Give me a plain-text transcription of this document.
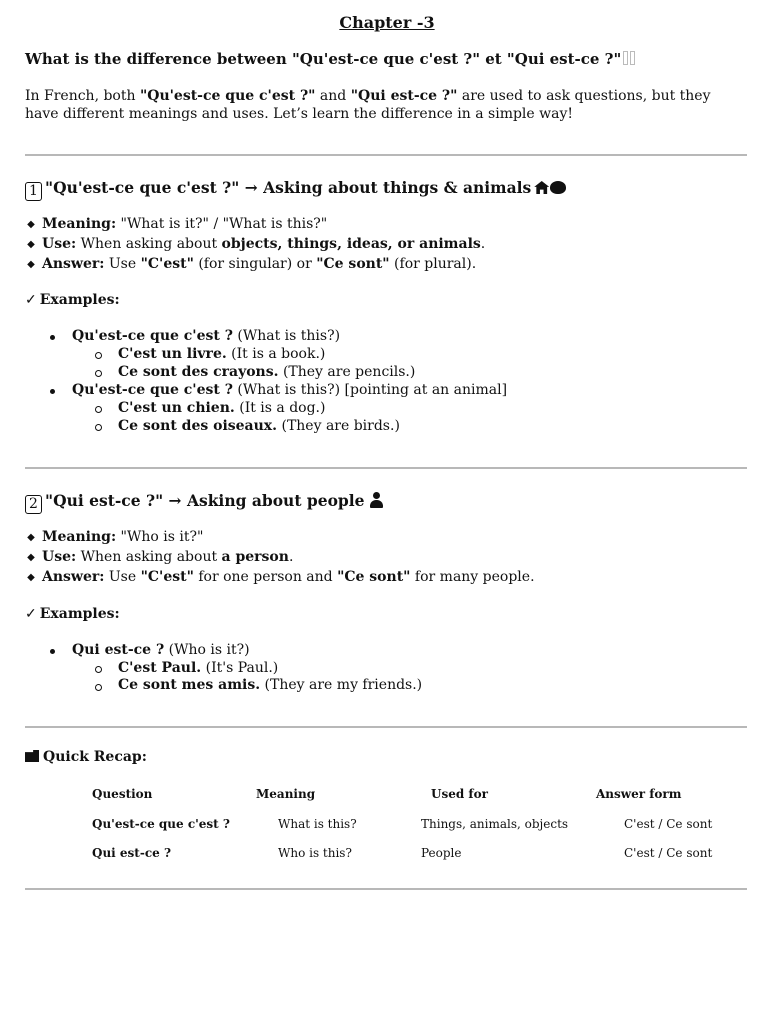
Chapter -3
What is the difference between "Qu'est-ce que c'est ?" et "Qui est-ce ?"
In French, both "Qu'est-ce que c'est ?" and "Qui est-ce ?" are used to ask questions, but they have different meanings and uses. Let’s learn the difference in a simple way!
1 "Qu'est-ce que c'est ?" → Asking about things & animals
◆ Meaning: "What is it?" / "What is this?"
◆ Use: When asking about objects, things, ideas, or animals.
◆ Answer: Use "C'est" (for singular) or "Ce sont" (for plural).
✓ Examples:
Qu'est-ce que c'est ? (What is this?)
C'est un livre. (It is a book.)
Ce sont des crayons. (They are pencils.)
Qu'est-ce que c'est ? (What is this?) [pointing at an animal]
C'est un chien. (It is a dog.)
Ce sont des oiseaux. (They are birds.)
2 "Qui est-ce ?" → Asking about people
◆ Meaning: "Who is it?"
◆ Use: When asking about a person.
◆ Answer: Use "C'est" for one person and "Ce sont" for many people.
✓ Examples:
Qui est-ce ? (Who is it?)
C'est Paul. (It's Paul.)
Ce sont mes amis. (They are my friends.)
Quick Recap:
Question	Meaning	Used for	Answer form
Qu'est-ce que c'est ?	What is this?	Things, animals, objects	C'est / Ce sont
Qui est-ce ?	Who is this?	People	C'est / Ce sont
